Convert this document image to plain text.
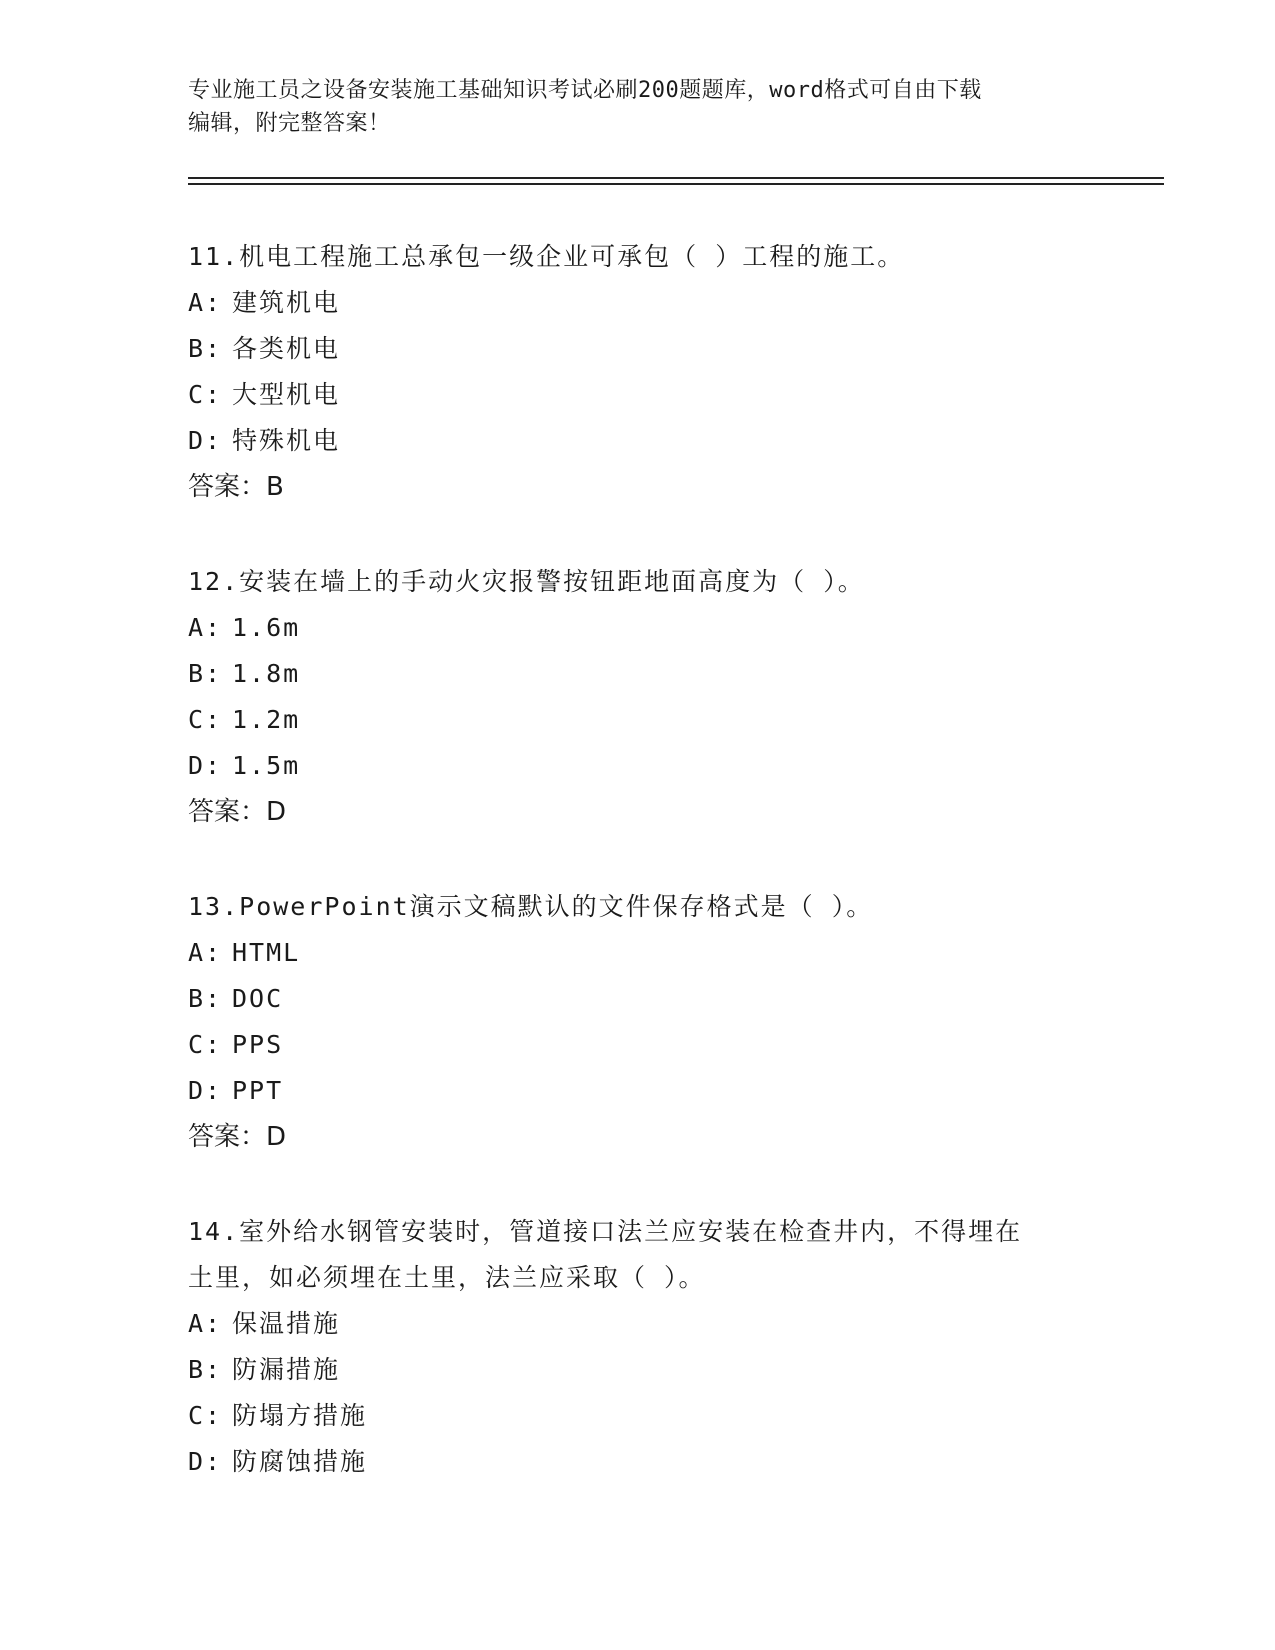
专业施工员之设备安装施工基础知识考试必刷200题题库，word格式可自由下载
编辑，附完整答案！

11.机电工程施工总承包一级企业可承包（ ）工程的施工。

A: 建筑机电

B: 各类机电

C: 大型机电

D: 特殊机电

答案：B

12.安装在墙上的手动火灾报警按钮距地面高度为（ ）。

A: 1.6m

B: 1.8m

C: 1.2m

D: 1.5m

答案：D

13.PowerPoint演示文稿默认的文件保存格式是（ ）。

A: HTML

B: DOC

C: PPS

D: PPT

答案：D

14.室外给水钢管安装时，管道接口法兰应安装在检查井内，不得埋在

土里，如必须埋在土里，法兰应采取（ ）。

A: 保温措施

B: 防漏措施

C: 防塌方措施

D: 防腐蚀措施
